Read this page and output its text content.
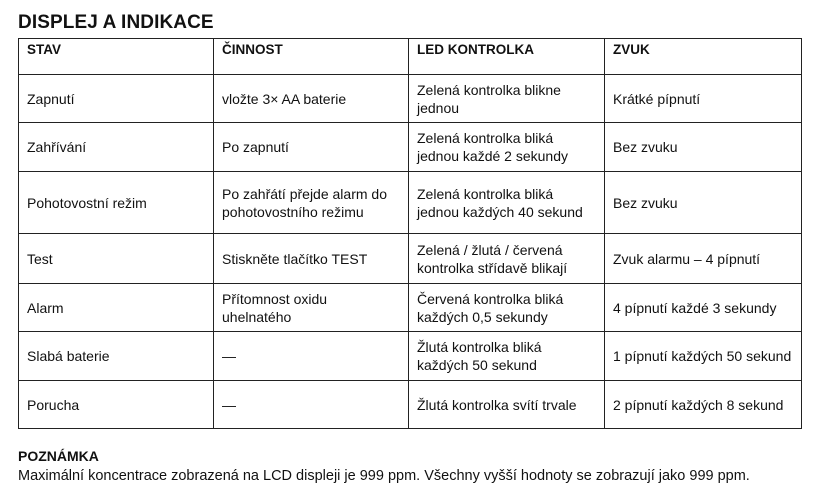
DISPLEJ A INDIKACE
STAV	ČINNOST	LED KONTROLKA	ZVUK
Zapnutí	vložte 3× AA baterie	Zelená kontrolka blikne jednou	Krátké pípnutí
Zahřívání	Po zapnutí	Zelená kontrolka bliká jednou každé 2 sekundy	Bez zvuku
Pohotovostní režim	Po zahřátí přejde alarm do pohotovostního režimu	Zelená kontrolka bliká jednou každých 40 sekund	Bez zvuku
Test	Stiskněte tlačítko TEST	Zelená / žlutá / červená kontrolka střídavě blikají	Zvuk alarmu – 4 pípnutí
Alarm	Přítomnost oxidu uhelnatého	Červená kontrolka bliká každých 0,5 sekundy	4 pípnutí každé 3 sekundy
Slabá baterie	—	Žlutá kontrolka bliká každých 50 sekund	1 pípnutí každých 50 sekund
Porucha	—	Žlutá kontrolka svítí trvale	2 pípnutí každých 8 sekund
POZNÁMKA
Maximální koncentrace zobrazená na LCD displeji je 999 ppm. Všechny vyšší hodnoty se zobrazují jako 999 ppm.
